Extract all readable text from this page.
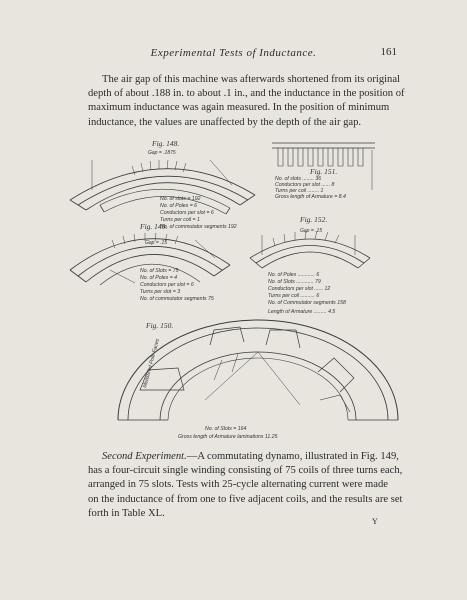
Experimental Tests of Inductance.	161
The air gap of this machine was afterwards shortened from its original
depth of about .188 in. to about .1 in., and the inductance in the position of
maximum inductance was again measured. In the position of minimum
inductance, the values are unaffected by the depth of the air gap.
Fig. 148.
Gap = .1875
No. of slots = 192
No. of Poles = 6
Conductors per slot = 6
Turns per coil = 1
No. of commutator segments 192
Fig. 151.
No. of slots ........ 36
Conductors per slot ...... 8
Turns per coil ........ 1
Gross length of Armature = 8.4
Fig. 149.
Gap = .15
No. of Slots = 75
No. of Poles = 4
Conductors per slot = 6
Turns per slot = 3
No. of commutator segments 75
Fig. 152.
Gap = .15
No. of Poles ............ 6
No. of Slots ............ 79
Conductors per slot ...... 12
Turns per coil .......... 6
No. of Commutator segments 158
Length of Armature ......... 4.5
Fig. 150.
Measured Pole Faces
No. of Slots = 164
Gross length of Armature laminations 11.25
Second Experiment.—A commutating dynamo, illustrated in Fig. 149,
has a four-circuit single winding consisting of 75 coils of three turns each,
arranged in 75 slots. Tests with 25-cycle alternating current were made
on the inductance of from one to five adjacent coils, and the results are set
forth in Table XL.
Y
